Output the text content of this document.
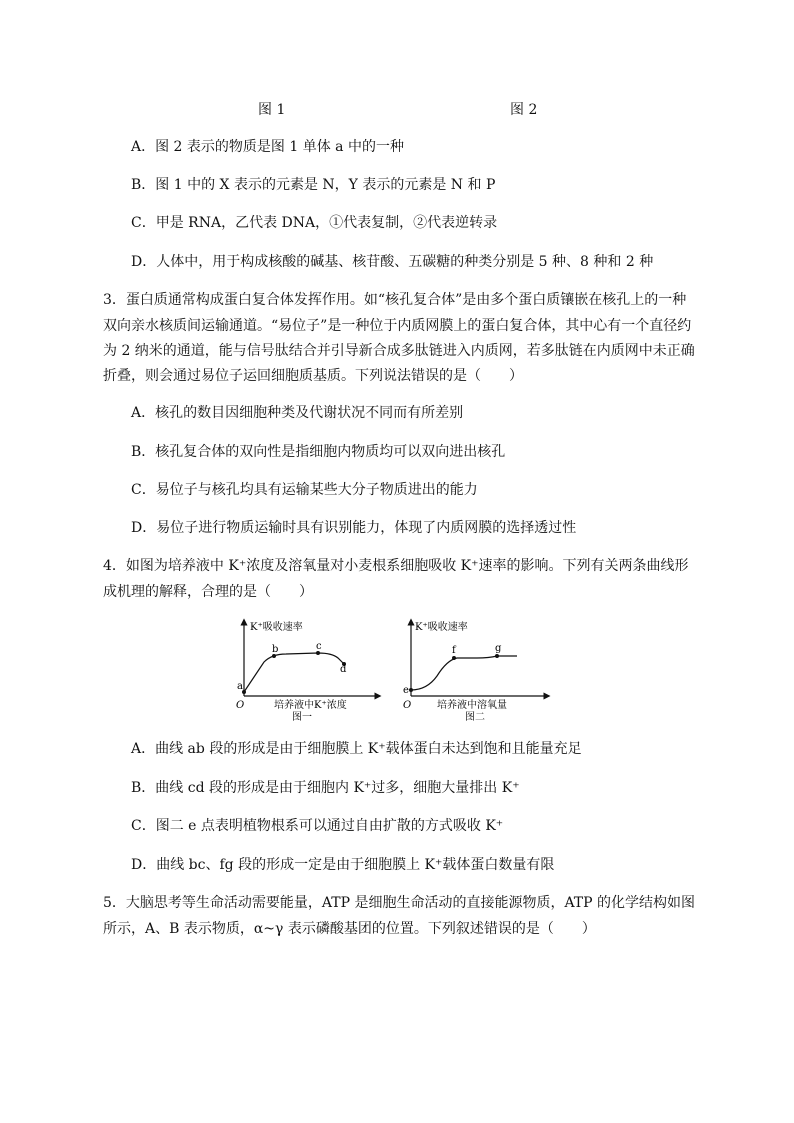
图 1	图 2
A．图 2 表示的物质是图 1 单体 a 中的一种
B．图 1 中的 X 表示的元素是 N，Y 表示的元素是 N 和 P
C．甲是 RNA，乙代表 DNA，①代表复制，②代表逆转录
D．人体中，用于构成核酸的碱基、核苷酸、五碳糖的种类分别是 5 种、8 种和 2 种
3．蛋白质通常构成蛋白复合体发挥作用。如“核孔复合体”是由多个蛋白质镶嵌在核孔上的一种
双向亲水核质间运输通道。“易位子”是一种位于内质网膜上的蛋白复合体，其中心有一个直径约
为 2 纳米的通道，能与信号肽结合并引导新合成多肽链进入内质网，若多肽链在内质网中未正确
折叠，则会通过易位子运回细胞质基质。下列说法错误的是（　　）
A．核孔的数目因细胞种类及代谢状况不同而有所差别
B．核孔复合体的双向性是指细胞内物质均可以双向进出核孔
C．易位子与核孔均具有运输某些大分子物质进出的能力
D．易位子进行物质运输时具有识别能力，体现了内质网膜的选择透过性
4．如图为培养液中 K⁺浓度及溶氧量对小麦根系细胞吸收 K⁺速率的影响。下列有关两条曲线形
成机理的解释，合理的是（　　）
K⁺吸收速率
培养液中K⁺浓度
图一
O
a
b	c
d
K⁺吸收速率
培养液中溶氧量
图二
O
e
f	g
A．曲线 ab 段的形成是由于细胞膜上 K⁺载体蛋白未达到饱和且能量充足
B．曲线 cd 段的形成是由于细胞内 K⁺过多，细胞大量排出 K⁺
C．图二 e 点表明植物根系可以通过自由扩散的方式吸收 K⁺
D．曲线 bc、fg 段的形成一定是由于细胞膜上 K⁺载体蛋白数量有限
5．大脑思考等生命活动需要能量，ATP 是细胞生命活动的直接能源物质，ATP 的化学结构如图
所示，A、B 表示物质，α~γ 表示磷酸基团的位置。下列叙述错误的是（　　）
